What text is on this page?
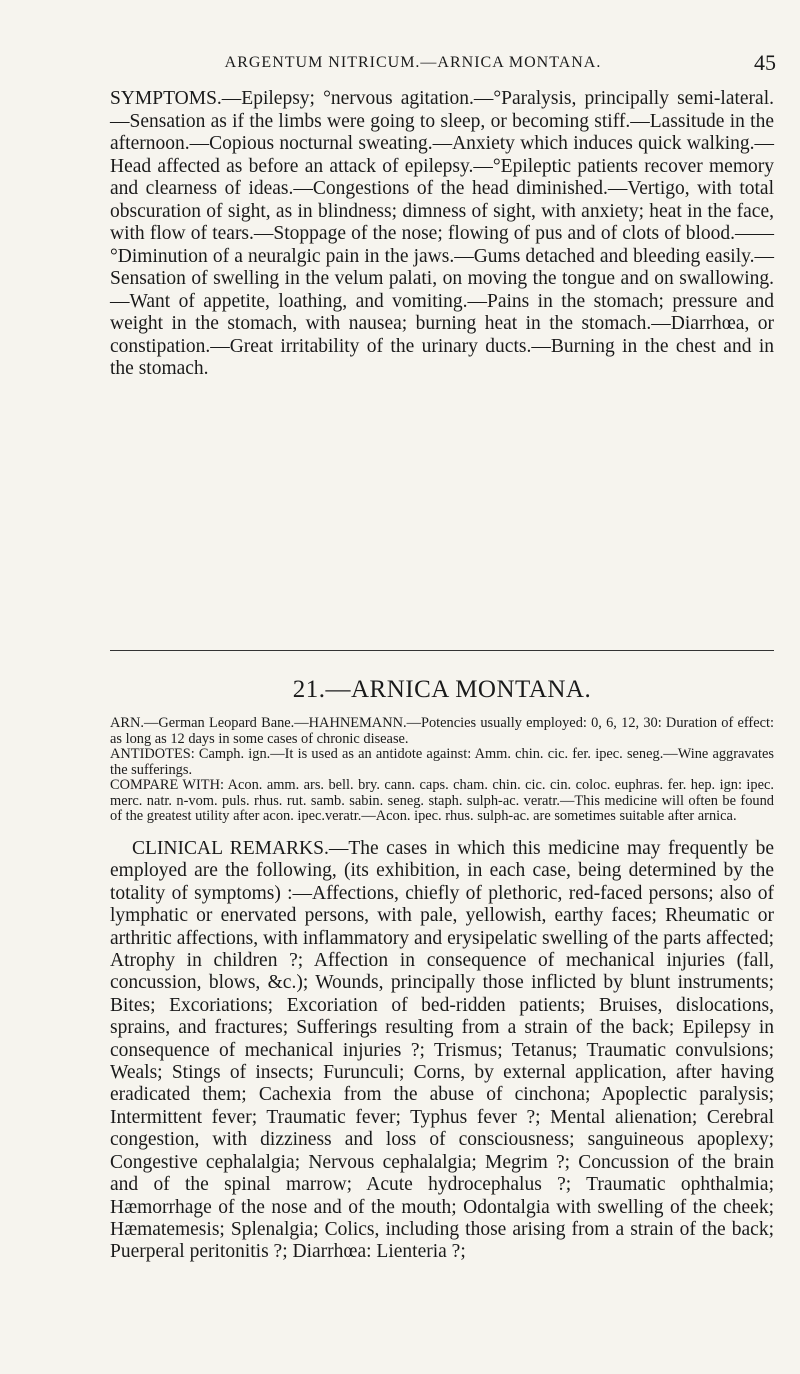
ARGENTUM NITRICUM.—ARNICA MONTANA.	45

SYMPTOMS.—Epilepsy; °nervous agitation.—°Paralysis, principally semi-lateral.—Sensation as if the limbs were going to sleep, or becoming stiff.—Lassitude in the afternoon.—Copious nocturnal sweating.—Anxiety which induces quick walking.—Head affected as before an attack of epilepsy.—°Epileptic patients recover memory and clearness of ideas.—Congestions of the head diminished.—Vertigo, with total obscuration of sight, as in blindness; dimness of sight, with anxiety; heat in the face, with flow of tears.—Stoppage of the nose; flowing of pus and of clots of blood.——°Diminution of a neuralgic pain in the jaws.—Gums detached and bleeding easily.—Sensation of swelling in the velum palati, on moving the tongue and on swallowing.—Want of appetite, loathing, and vomiting.—Pains in the stomach; pressure and weight in the stomach, with nausea; burning heat in the stomach.—Diarrhœa, or constipation.—Great irritability of the urinary ducts.—Burning in the chest and in the stomach.

21.—ARNICA MONTANA.

ARN.—German Leopard Bane.—HAHNEMANN.—Potencies usually employed: 0, 6, 12, 30: Duration of effect: as long as 12 days in some cases of chronic disease.

ANTIDOTES: Camph. ign.—It is used as an antidote against: Amm. chin. cic. fer. ipec. seneg.—Wine aggravates the sufferings.

COMPARE WITH: Acon. amm. ars. bell. bry. cann. caps. cham. chin. cic. cin. coloc. euphras. fer. hep. ign: ipec. merc. natr. n-vom. puls. rhus. rut. samb. sabin. seneg. staph. sulph-ac. veratr.—This medicine will often be found of the greatest utility after acon. ipec.veratr.—Acon. ipec. rhus. sulph-ac. are sometimes suitable after arnica.

CLINICAL REMARKS.—The cases in which this medicine may frequently be employed are the following, (its exhibition, in each case, being determined by the totality of symptoms) :—Affections, chiefly of plethoric, red-faced persons; also of lymphatic or enervated persons, with pale, yellowish, earthy faces; Rheumatic or arthritic affections, with inflammatory and erysipelatic swelling of the parts affected; Atrophy in children ?; Affection in consequence of mechanical injuries (fall, concussion, blows, &c.); Wounds, principally those inflicted by blunt instruments; Bites; Excoriations; Excoriation of bed-ridden patients; Bruises, dislocations, sprains, and fractures; Sufferings resulting from a strain of the back; Epilepsy in consequence of mechanical injuries ?; Trismus; Tetanus; Traumatic convulsions; Weals; Stings of insects; Furunculi; Corns, by external application, after having eradicated them; Cachexia from the abuse of cinchona; Apoplectic paralysis; Intermittent fever; Traumatic fever; Typhus fever ?; Mental alienation; Cerebral congestion, with dizziness and loss of consciousness; sanguineous apoplexy; Congestive cephalalgia; Nervous cephalalgia; Megrim ?; Concussion of the brain and of the spinal marrow; Acute hydrocephalus ?; Traumatic ophthalmia; Hæmorrhage of the nose and of the mouth; Odontalgia with swelling of the cheek; Hæmatemesis; Splenalgia; Colics, including those arising from a strain of the back; Puerperal peritonitis ?; Diarrhœa: Lienteria ?;
